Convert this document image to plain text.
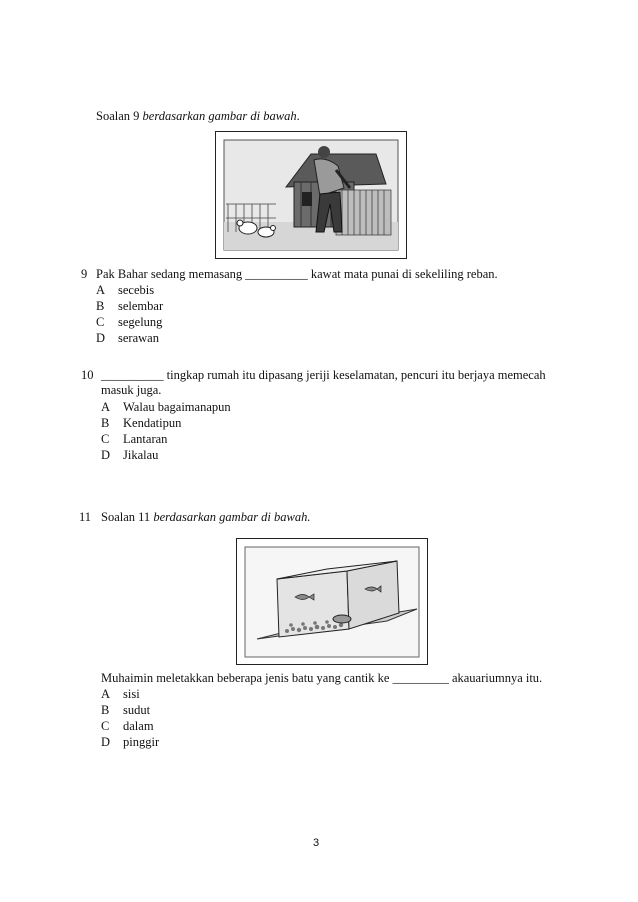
Soalan 9 berdasarkan gambar di bawah.
9 Pak Bahar sedang memasang __________ kawat mata punai di sekeliling reban.
A secebis
B selembar
C segelung
D serawan
10 __________ tingkap rumah itu dipasang jeriji keselamatan, pencuri itu berjaya memecah
masuk juga.
A Walau bagaimanapun
B Kendatipun
C Lantaran
D Jikalau
11 Soalan 11 berdasarkan gambar di bawah.
Muhaimin meletakkan beberapa jenis batu yang cantik ke _________ akauariumnya itu.
A sisi
B sudut
C dalam
D pinggir
3
